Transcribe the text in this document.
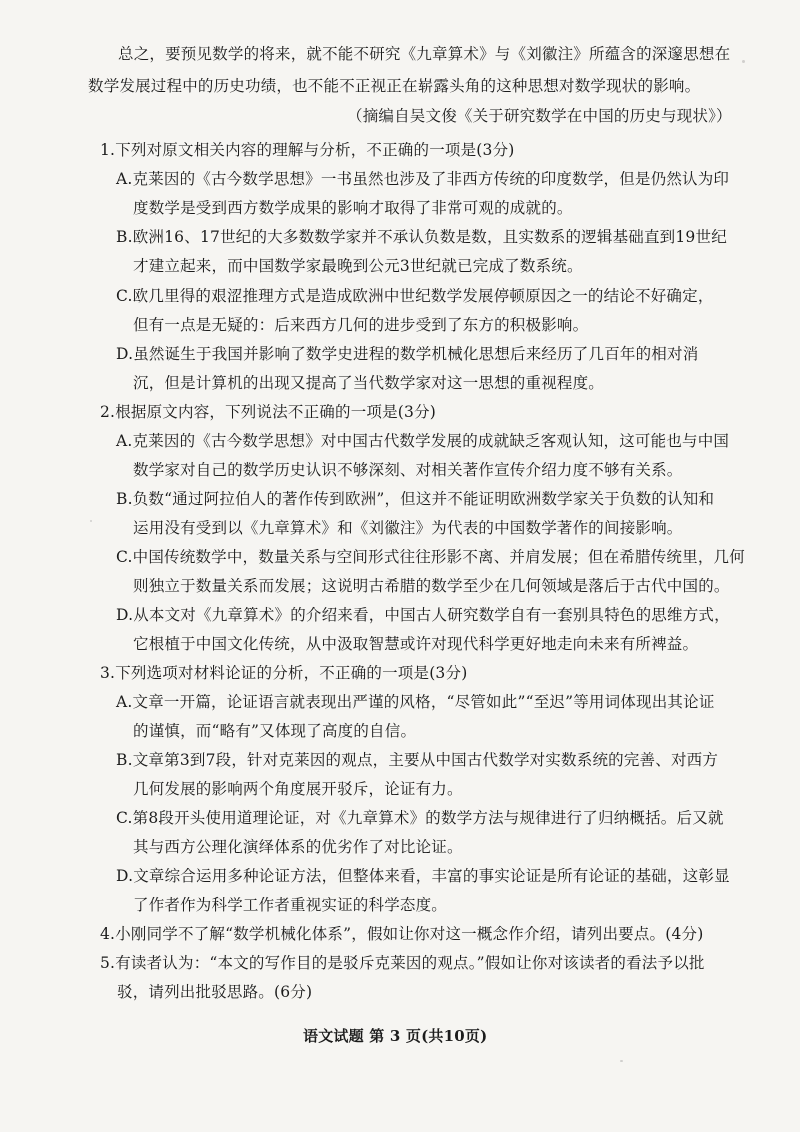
总之，要预见数学的将来，就不能不研究《九章算术》与《刘徽注》所蕴含的深邃思想在
数学发展过程中的历史功绩，也不能不正视正在崭露头角的这种思想对数学现状的影响。
（摘编自吴文俊《关于研究数学在中国的历史与现状》）
1.下列对原文相关内容的理解与分析，不正确的一项是(3分)
A.克莱因的《古今数学思想》一书虽然也涉及了非西方传统的印度数学，但是仍然认为印
度数学是受到西方数学成果的影响才取得了非常可观的成就的。
B.欧洲16、17世纪的大多数数学家并不承认负数是数，且实数系的逻辑基础直到19世纪
才建立起来，而中国数学家最晚到公元3世纪就已完成了数系统。
C.欧几里得的艰涩推理方式是造成欧洲中世纪数学发展停顿原因之一的结论不好确定，
但有一点是无疑的：后来西方几何的进步受到了东方的积极影响。
D.虽然诞生于我国并影响了数学史进程的数学机械化思想后来经历了几百年的相对消
沉，但是计算机的出现又提高了当代数学家对这一思想的重视程度。
2.根据原文内容，下列说法不正确的一项是(3分)
A.克莱因的《古今数学思想》对中国古代数学发展的成就缺乏客观认知，这可能也与中国
数学家对自己的数学历史认识不够深刻、对相关著作宣传介绍力度不够有关系。
B.负数“通过阿拉伯人的著作传到欧洲”，但这并不能证明欧洲数学家关于负数的认知和
运用没有受到以《九章算术》和《刘徽注》为代表的中国数学著作的间接影响。
C.中国传统数学中，数量关系与空间形式往往形影不离、并肩发展；但在希腊传统里，几何
则独立于数量关系而发展；这说明古希腊的数学至少在几何领域是落后于古代中国的。
D.从本文对《九章算术》的介绍来看，中国古人研究数学自有一套别具特色的思维方式，
它根植于中国文化传统，从中汲取智慧或许对现代科学更好地走向未来有所裨益。
3.下列选项对材料论证的分析，不正确的一项是(3分)
A.文章一开篇，论证语言就表现出严谨的风格，“尽管如此”“至迟”等用词体现出其论证
的谨慎，而“略有”又体现了高度的自信。
B.文章第3到7段，针对克莱因的观点，主要从中国古代数学对实数系统的完善、对西方
几何发展的影响两个角度展开驳斥，论证有力。
C.第8段开头使用道理论证，对《九章算术》的数学方法与规律进行了归纳概括。后又就
其与西方公理化演绎体系的优劣作了对比论证。
D.文章综合运用多种论证方法，但整体来看，丰富的事实论证是所有论证的基础，这彰显
了作者作为科学工作者重视实证的科学态度。
4.小刚同学不了解“数学机械化体系”，假如让你对这一概念作介绍，请列出要点。(4分)
5.有读者认为：“本文的写作目的是驳斥克莱因的观点。”假如让你对该读者的看法予以批
驳，请列出批驳思路。(6分)
语文试题 第 3 页(共10页)
